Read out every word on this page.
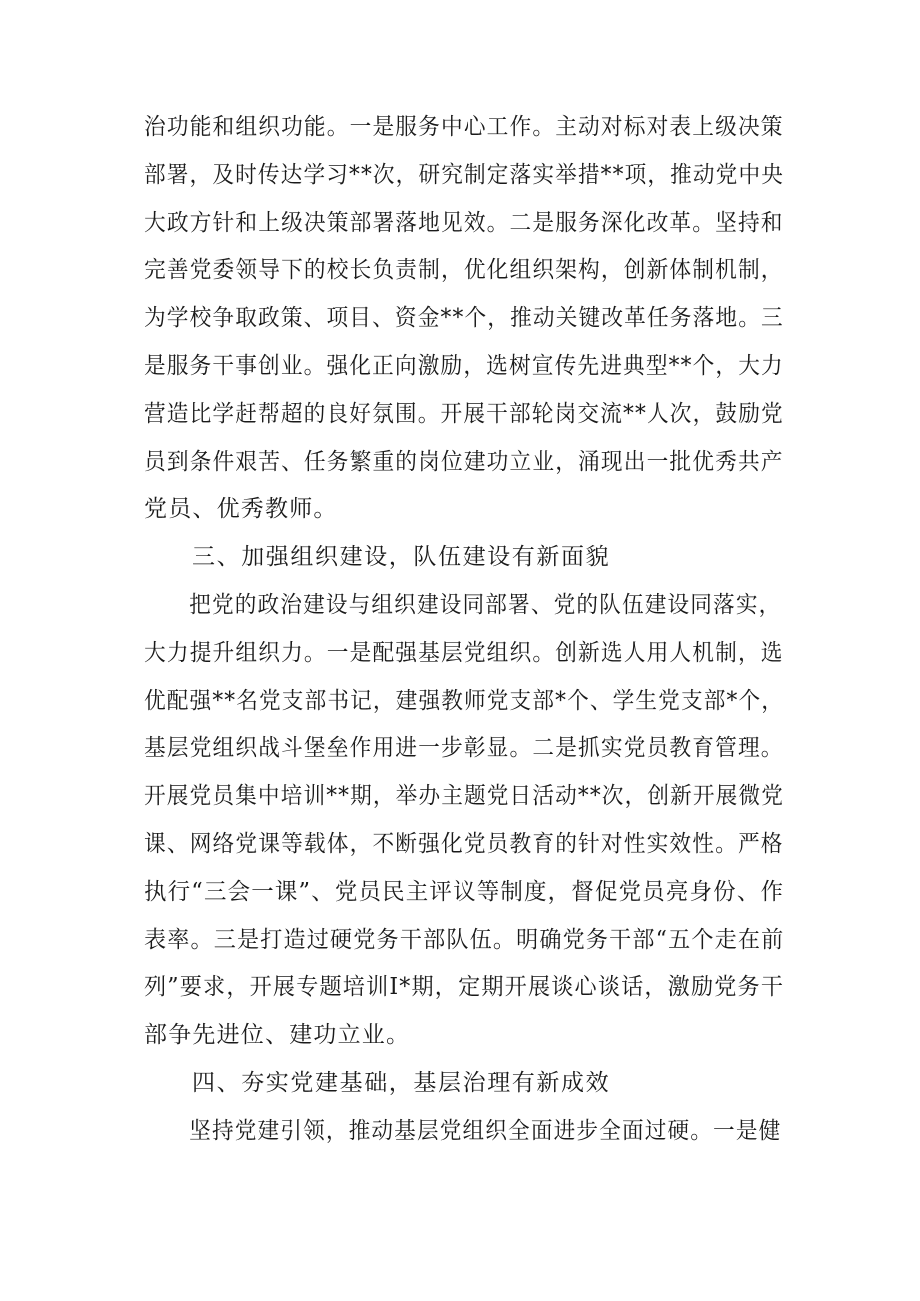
治功能和组织功能。一是服务中心工作。主动对标对表上级决策
部署，及时传达学习**次，研究制定落实举措**项，推动党中央
大政方针和上级决策部署落地见效。二是服务深化改革。坚持和
完善党委领导下的校长负责制，优化组织架构，创新体制机制，
为学校争取政策、项目、资金**个，推动关键改革任务落地。三
是服务干事创业。强化正向激励，选树宣传先进典型**个，大力
营造比学赶帮超的良好氛围。开展干部轮岗交流**人次，鼓励党
员到条件艰苦、任务繁重的岗位建功立业，涌现出一批优秀共产
党员、优秀教师。
三、加强组织建设，队伍建设有新面貌
把党的政治建设与组织建设同部署、党的队伍建设同落实，
大力提升组织力。一是配强基层党组织。创新选人用人机制，选
优配强**名党支部书记，建强教师党支部*个、学生党支部*个，
基层党组织战斗堡垒作用进一步彰显。二是抓实党员教育管理。
开展党员集中培训**期，举办主题党日活动**次，创新开展微党
课、网络党课等载体，不断强化党员教育的针对性实效性。严格
执行“三会一课”、党员民主评议等制度，督促党员亮身份、作
表率。三是打造过硬党务干部队伍。明确党务干部“五个走在前
列”要求，开展专题培训I*期，定期开展谈心谈话，激励党务干
部争先进位、建功立业。
四、夯实党建基础，基层治理有新成效
坚持党建引领，推动基层党组织全面进步全面过硬。一是健
